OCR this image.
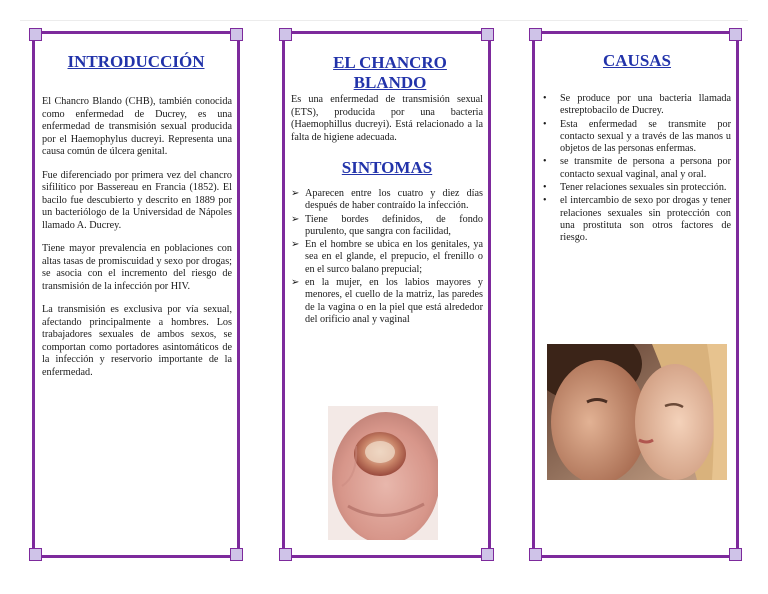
INTRODUCCIÓN

El Chancro Blando (CHB), también conocida como enfermedad de Ducrey, es una enfermedad de transmisión sexual producida por el Haemophylus ducreyi. Representa una causa común de úlcera genital.

Fue diferenciado por primera vez del chancro sifilítico por Bassereau en Francia (1852). El bacilo fue descubierto y descrito en 1889 por un bacteriólogo de la Universidad de Nápoles llamado A. Ducrey.

Tiene mayor prevalencia en poblaciones con altas tasas de promiscuidad y sexo por drogas; se asocia con el incremento del riesgo de transmisión de la infección por HIV.

La transmisión es exclusiva por vía sexual, afectando principalmente a hombres. Los trabajadores sexuales de ambos sexos, se comportan como portadores asintomáticos de la infección y reservorio importante de la enfermedad.

EL CHANCRO BLANDO

Es una enfermedad de transmisión sexual (ETS), producida por una bacteria (Haemophillus ducreyi). Está relacionado a la falta de higiene adecuada.

SINTOMAS
➢ Aparecen entre los cuatro y diez días después de haber contraído la infección.
➢ Tiene bordes definidos, de fondo purulento, que sangra con facilidad,
➢ En el hombre se ubica en los genitales, ya sea en el glande, el prepucio, el frenillo o en el surco balano prepucial;
➢ en la mujer, en los labios mayores y menores, el cuello de la matriz, las paredes de la vagina o en la piel que está alrededor del orificio anal y vaginal
CAUSAS
• Se produce por una bacteria llamada estreptobacilo de Ducrey.
• Esta enfermedad se transmite por contacto sexual y a través de las manos u objetos de las personas enfermas.
• se transmite de persona a persona por contacto sexual vaginal, anal y oral.
• Tener relaciones sexuales sin protección.
• el intercambio de sexo por drogas y tener relaciones sexuales sin protección con una prostituta son otros factores de riesgo.
